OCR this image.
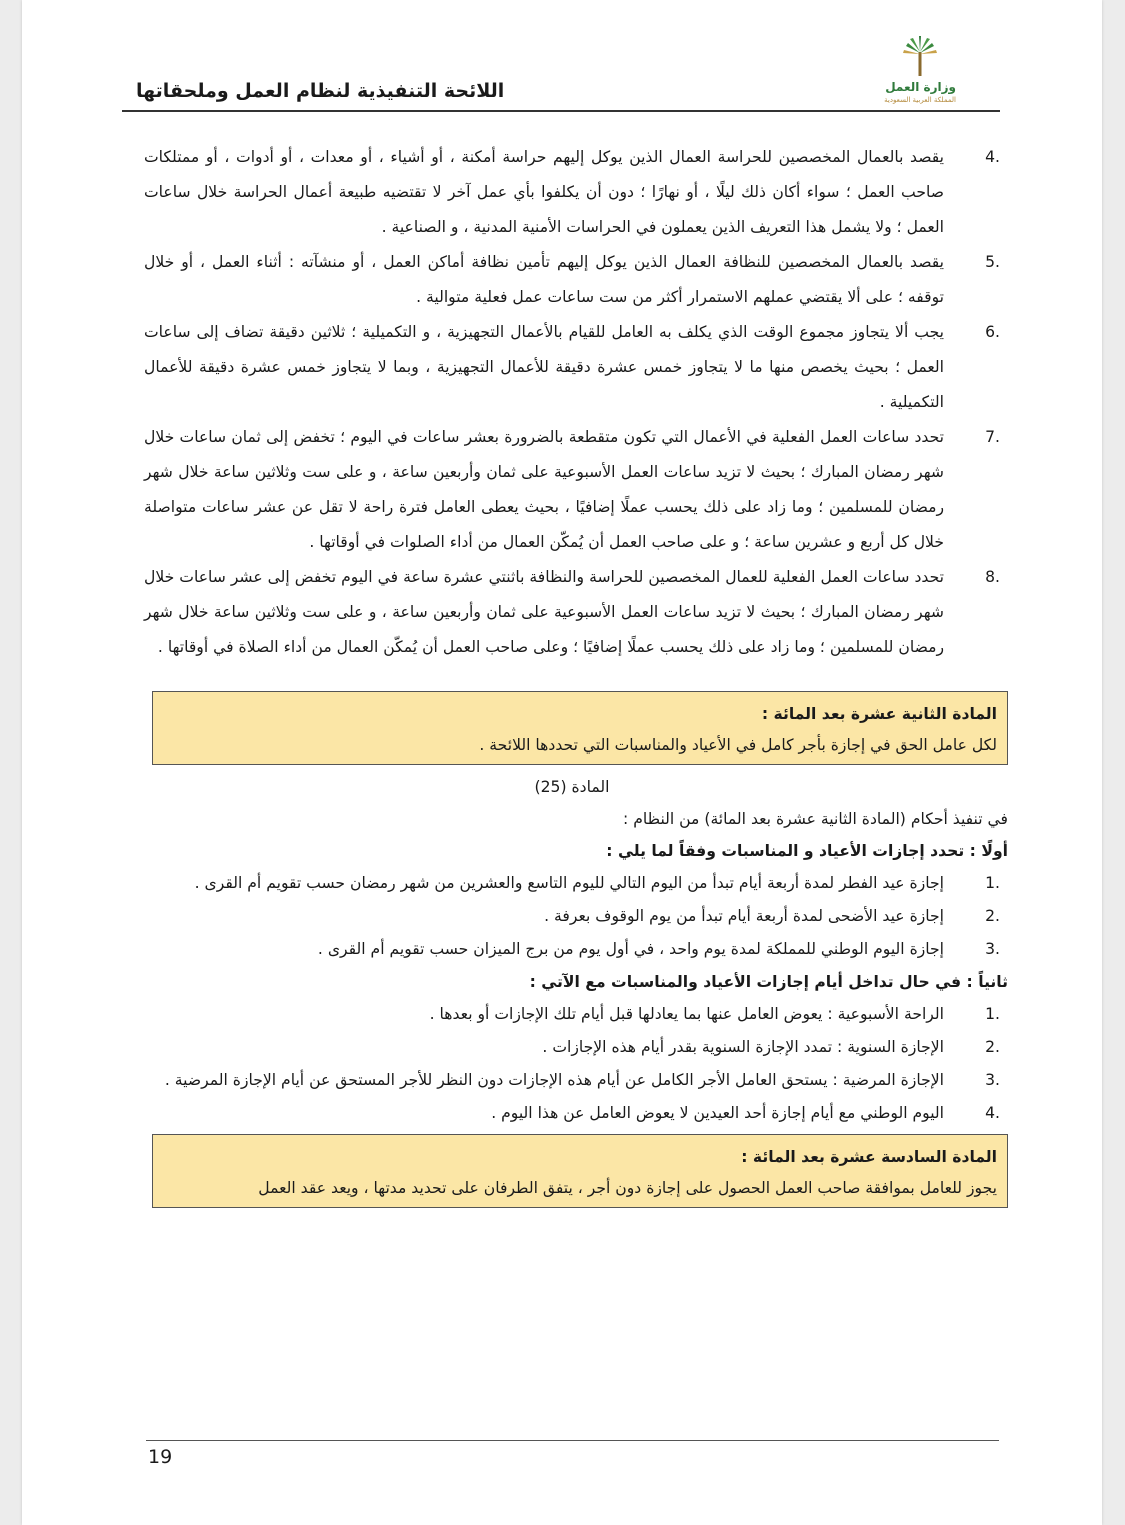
اللائحة التنفيذية لنظام العمل وملحقاتها	وزارة العمل
المملكة العربية السعودية
4.
يقصد بالعمال المخصصين للحراسة العمال الذين يوكل إليهم حراسة أمكنة ، أو أشياء ، أو معدات ، أو أدوات ، أو ممتلكات صاحب العمل ؛ سواء أكان ذلك ليلًا ، أو نهارًا ؛ دون أن يكلفوا بأي عمل آخر لا تقتضيه طبيعة أعمال الحراسة خلال ساعات العمل ؛ ولا يشمل هذا التعريف الذين يعملون في الحراسات الأمنية المدنية ، و الصناعية .
5.
يقصد بالعمال المخصصين للنظافة العمال الذين يوكل إليهم تأمين نظافة أماكن العمل ، أو منشآته : أثناء العمل ، أو خلال توقفه ؛ على ألا يقتضي عملهم الاستمرار أكثر من ست ساعات عمل فعلية متوالية .
6.
يجب ألا يتجاوز مجموع الوقت الذي يكلف به العامل للقيام بالأعمال التجهيزية ، و التكميلية ؛ ثلاثين دقيقة تضاف إلى ساعات العمل ؛ بحيث يخصص منها ما لا يتجاوز خمس عشرة دقيقة للأعمال التجهيزية ، وبما لا يتجاوز خمس عشرة دقيقة للأعمال التكميلية .
7.
تحدد ساعات العمل الفعلية في الأعمال التي تكون متقطعة بالضرورة بعشر ساعات في اليوم ؛ تخفض إلى ثمان ساعات خلال شهر رمضان المبارك ؛ بحيث لا تزيد ساعات العمل الأسبوعية على ثمان وأربعين ساعة ، و على ست وثلاثين ساعة خلال شهر رمضان للمسلمين ؛ وما زاد على ذلك يحسب عملًا إضافيًا ، بحيث يعطى العامل فترة راحة لا تقل عن عشر ساعات متواصلة خلال كل أربع و عشرين ساعة ؛ و على صاحب العمل أن يُمكّن العمال من أداء الصلوات في أوقاتها .
8.
تحدد ساعات العمل الفعلية للعمال المخصصين للحراسة والنظافة باثنتي عشرة ساعة في اليوم تخفض إلى عشر ساعات خلال شهر رمضان المبارك ؛ بحيث لا تزيد ساعات العمل الأسبوعية على ثمان وأربعين ساعة ، و على ست وثلاثين ساعة خلال شهر رمضان للمسلمين ؛ وما زاد على ذلك يحسب عملًا إضافيًا ؛ وعلى صاحب العمل أن يُمكّن العمال من أداء الصلاة في أوقاتها .
المادة الثانية عشرة بعد المائة :
لكل عامل الحق في إجازة بأجر كامل في الأعياد والمناسبات التي تحددها اللائحة .
المادة (25)
في تنفيذ أحكام (المادة الثانية عشرة بعد المائة) من النظام :
أولًا : تحدد إجازات الأعياد و المناسبات وفقاً لما يلي :
1.
إجازة عيد الفطر لمدة أربعة أيام تبدأ من اليوم التالي لليوم التاسع والعشرين من شهر رمضان حسب تقويم أم القرى .
2.
إجازة عيد الأضحى لمدة أربعة أيام تبدأ من يوم الوقوف بعرفة .
3.
إجازة اليوم الوطني للمملكة لمدة يوم واحد ، في أول يوم من برج الميزان حسب تقويم أم القرى .
ثانياً : في حال تداخل أيام إجازات الأعياد والمناسبات مع الآتي :
1.
الراحة الأسبوعية : يعوض العامل عنها بما يعادلها قبل أيام تلك الإجازات أو بعدها .
2.
الإجازة السنوية : تمدد الإجازة السنوية بقدر أيام هذه الإجازات .
3.
الإجازة المرضية : يستحق العامل الأجر الكامل عن أيام هذه الإجازات دون النظر للأجر المستحق عن أيام الإجازة المرضية .
4.
اليوم الوطني مع أيام إجازة أحد العيدين لا يعوض العامل عن هذا اليوم .
المادة السادسة عشرة بعد المائة :
يجوز للعامل بموافقة صاحب العمل الحصول على إجازة دون أجر ، يتفق الطرفان على تحديد مدتها ، ويعد عقد العمل
19
